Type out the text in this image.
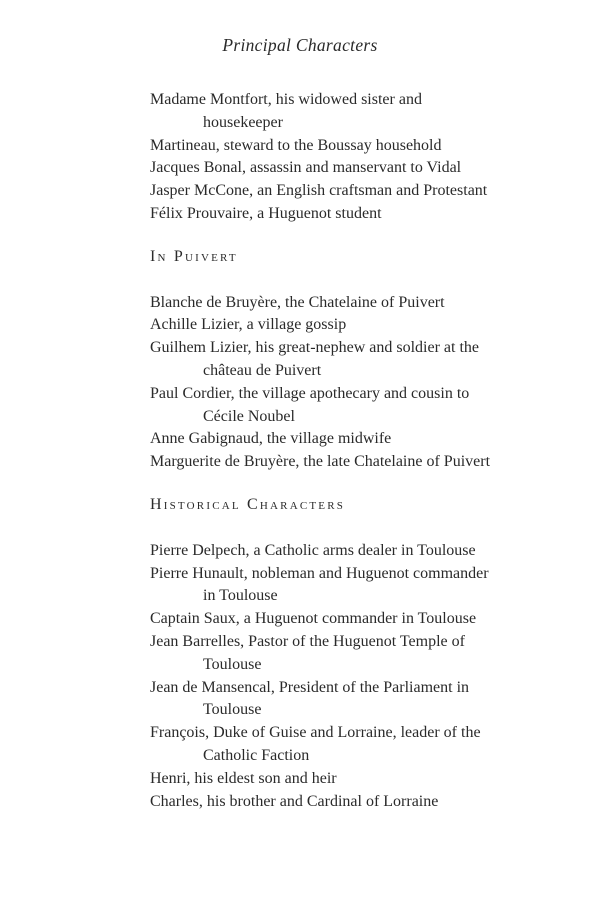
Principal Characters
Madame Montfort, his widowed sister and
housekeeper
Martineau, steward to the Boussay household
Jacques Bonal, assassin and manservant to Vidal
Jasper McCone, an English craftsman and Protestant
Félix Prouvaire, a Huguenot student
In Puivert
Blanche de Bruyère, the Chatelaine of Puivert
Achille Lizier, a village gossip
Guilhem Lizier, his great-nephew and soldier at the
château de Puivert
Paul Cordier, the village apothecary and cousin to
Cécile Noubel
Anne Gabignaud, the village midwife
Marguerite de Bruyère, the late Chatelaine of Puivert
Historical Characters
Pierre Delpech, a Catholic arms dealer in Toulouse
Pierre Hunault, nobleman and Huguenot commander
in Toulouse
Captain Saux, a Huguenot commander in Toulouse
Jean Barrelles, Pastor of the Huguenot Temple of
Toulouse
Jean de Mansencal, President of the Parliament in
Toulouse
François, Duke of Guise and Lorraine, leader of the
Catholic Faction
Henri, his eldest son and heir
Charles, his brother and Cardinal of Lorraine
